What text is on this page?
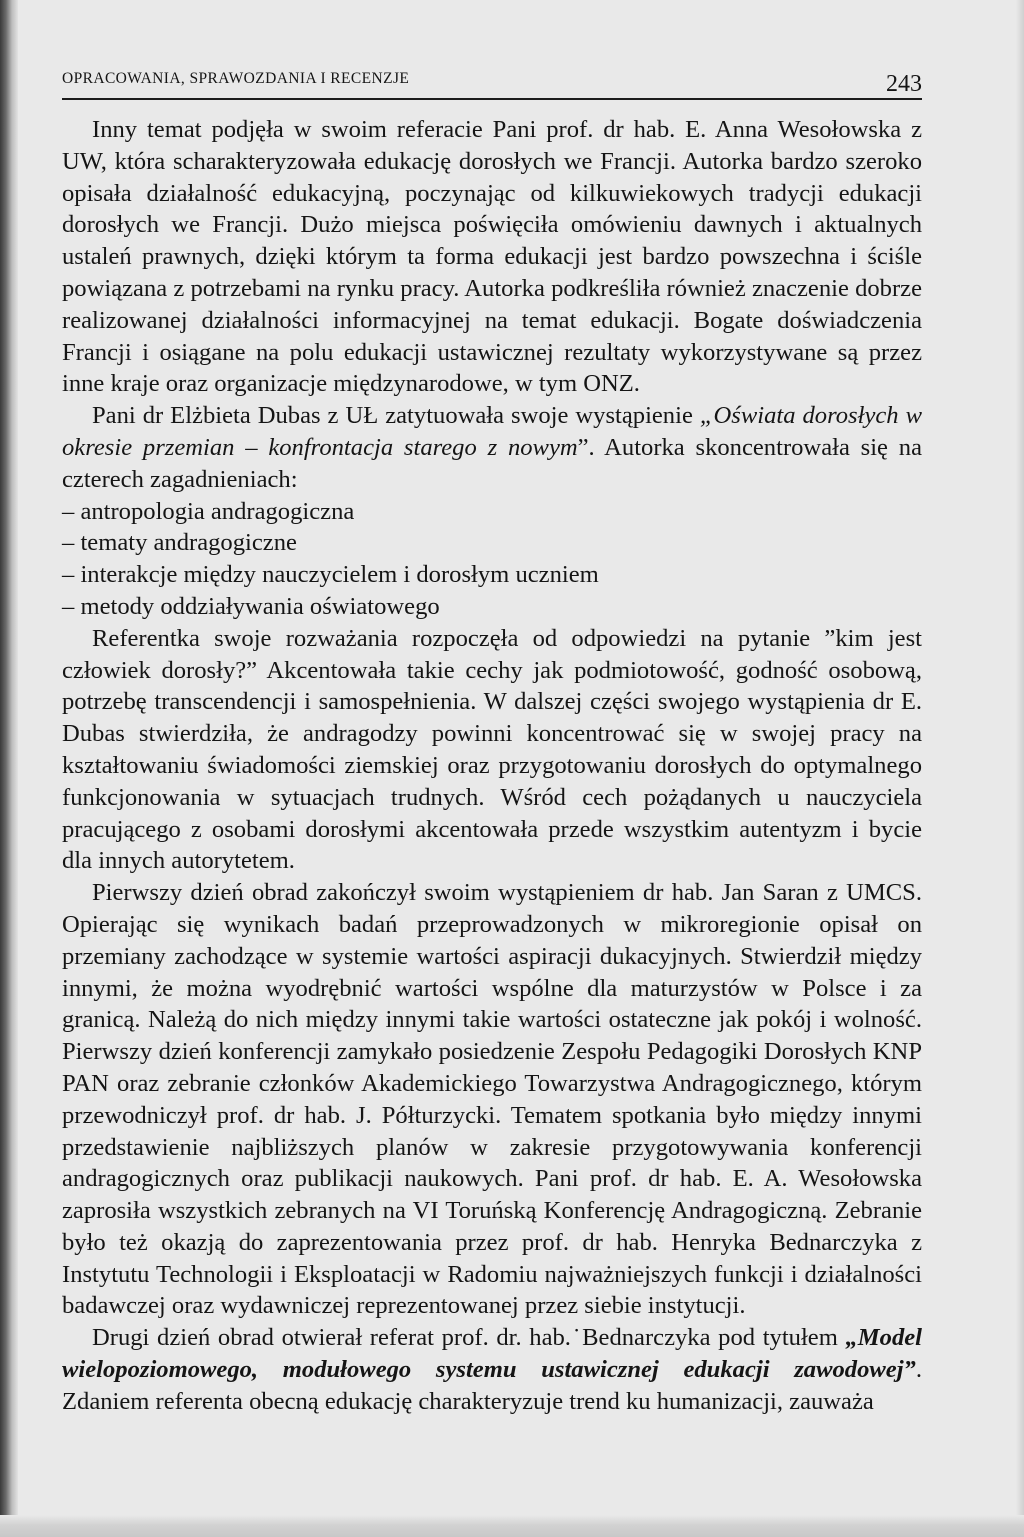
OPRACOWANIA, SPRAWOZDANIA I RECENZJE	243

Inny temat podjęła w swoim referacie Pani prof. dr hab. E. Anna Wesołowska z UW, która scharakteryzowała edukację dorosłych we Francji. Autorka bardzo szeroko opisała działalność edukacyjną, poczynając od kilkuwiekowych tradycji edukacji dorosłych we Francji. Dużo miejsca poświęciła omówieniu dawnych i aktualnych ustaleń prawnych, dzięki którym ta forma edukacji jest bardzo powszechna i ściśle powiązana z potrzebami na rynku pracy. Autorka podkreśliła również znaczenie dobrze realizowanej działalności informacyjnej na temat edukacji. Bogate doświadczenia Francji i osiągane na polu edukacji ustawicznej rezultaty wykorzystywane są przez inne kraje oraz organizacje międzynarodowe, w tym ONZ.

Pani dr Elżbieta Dubas z UŁ zatytuowała swoje wystąpienie „Oświata dorosłych w okresie przemian – konfrontacja starego z nowym”. Autorka skoncentrowała się na czterech zagadnieniach:

– antropologia andragogiczna
– tematy andragogiczne
– interakcje między nauczycielem i dorosłym uczniem
– metody oddziaływania oświatowego

Referentka swoje rozważania rozpoczęła od odpowiedzi na pytanie ”kim jest człowiek dorosły?” Akcentowała takie cechy jak podmiotowość, godność osobową, potrzebę transcendencji i samospełnienia. W dalszej części swojego wystąpienia dr E. Dubas stwierdziła, że andragodzy powinni koncentrować się w swojej pracy na kształtowaniu świadomości ziemskiej oraz przygotowaniu dorosłych do optymalnego funkcjonowania w sytuacjach trudnych. Wśród cech pożądanych u nauczyciela pracującego z osobami dorosłymi akcentowała przede wszystkim autentyzm i bycie dla innych autorytetem.

Pierwszy dzień obrad zakończył swoim wystąpieniem dr hab. Jan Saran z UMCS. Opierając się wynikach badań przeprowadzonych w mikroregionie opisał on przemiany zachodzące w systemie wartości aspiracji dukacyjnych. Stwierdził między innymi, że można wyodrębnić wartości wspólne dla maturzystów w Polsce i za granicą. Należą do nich między innymi takie wartości ostateczne jak pokój i wolność. Pierwszy dzień konferencji zamykało posiedzenie Zespołu Pedagogiki Dorosłych KNP PAN oraz zebranie członków Akademickiego Towarzystwa Andragogicznego, którym przewodniczył prof. dr hab. J. Półturzycki. Tematem spotkania było między innymi przedstawienie najbliższych planów w zakresie przygotowywania konferencji andragogicznych oraz publikacji naukowych. Pani prof. dr hab. E. A. Wesołowska zaprosiła wszystkich zebranych na VI Toruńską Konferencję Andragogiczną. Zebranie było też okazją do zaprezentowania przez prof. dr hab. Henryka Bednarczyka z Instytutu Technologii i Eksploatacji w Radomiu najważniejszych funkcji i działalności badawczej oraz wydawniczej reprezentowanej przez siebie instytucji.

Drugi dzień obrad otwierał referat prof. dr. hab.˙Bednarczyka pod tytułem „Model wielopoziomowego, modułowego systemu ustawicznej edukacji zawodowej”. Zdaniem referenta obecną edukację charakteryzuje trend ku humanizacji, zauważa
